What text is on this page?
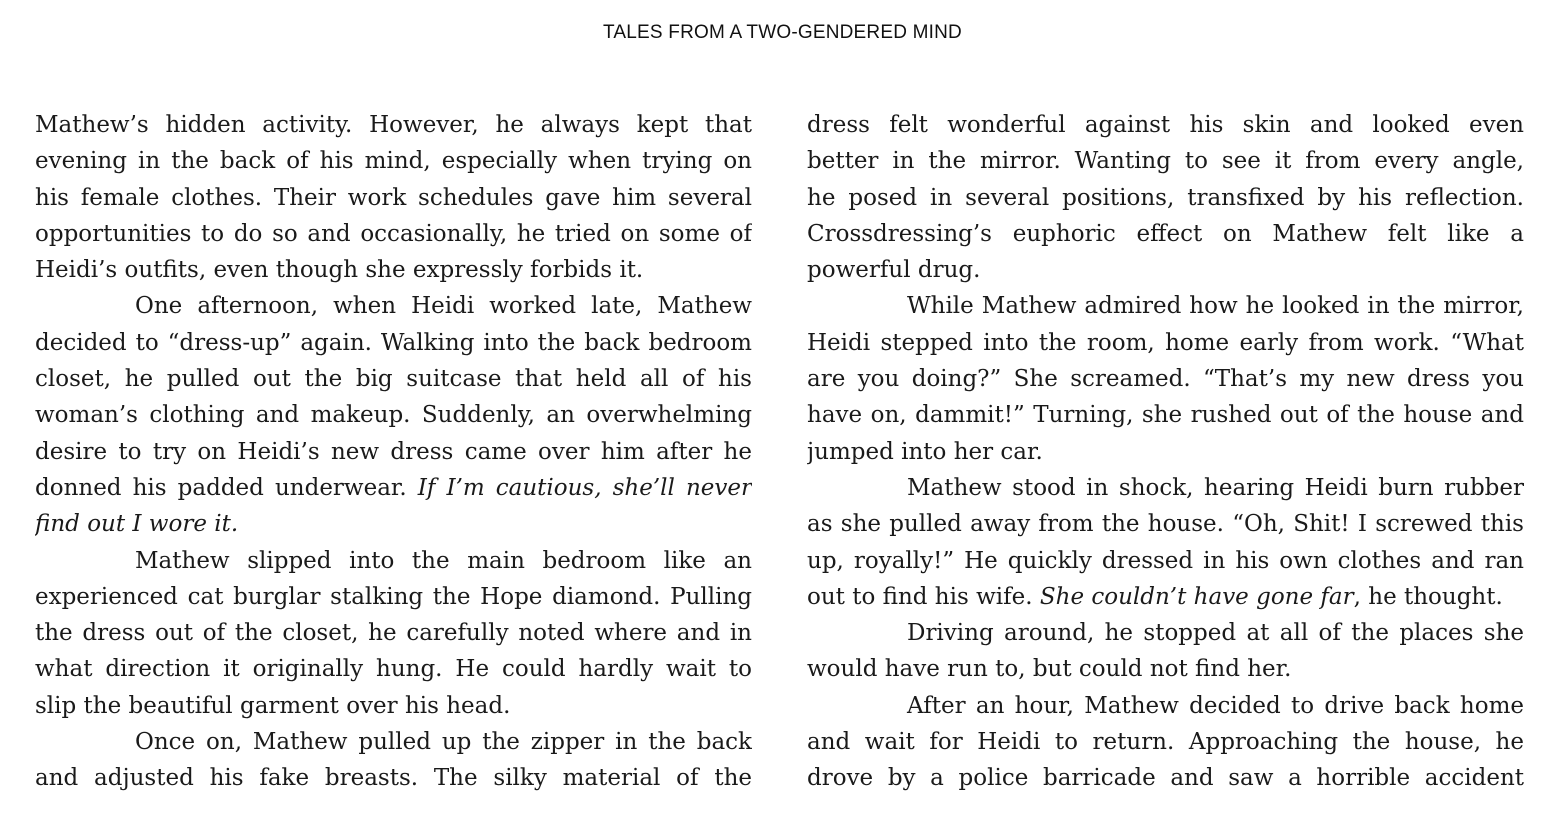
TALES FROM A TWO-GENDERED MIND
Mathew’s hidden activity. However, he always kept that
evening in the back of his mind, especially when trying on
his female clothes. Their work schedules gave him several
opportunities to do so and occasionally, he tried on some of
Heidi’s outfits, even though she expressly forbids it.
One afternoon, when Heidi worked late, Mathew
decided to “dress-up” again. Walking into the back bedroom
closet, he pulled out the big suitcase that held all of his
woman’s clothing and makeup. Suddenly, an overwhelming
desire to try on Heidi’s new dress came over him after he
donned his padded underwear. If I’m cautious, she’ll never
find out I wore it.
Mathew slipped into the main bedroom like an
experienced cat burglar stalking the Hope diamond. Pulling
the dress out of the closet, he carefully noted where and in
what direction it originally hung. He could hardly wait to
slip the beautiful garment over his head.
Once on, Mathew pulled up the zipper in the back
and adjusted his fake breasts. The silky material of the
dress felt wonderful against his skin and looked even
better in the mirror. Wanting to see it from every angle,
he posed in several positions, transfixed by his reflection.
Crossdressing’s euphoric effect on Mathew felt like a
powerful drug.
While Mathew admired how he looked in the mirror,
Heidi stepped into the room, home early from work. “What
are you doing?” She screamed. “That’s my new dress you
have on, dammit!” Turning, she rushed out of the house and
jumped into her car.
Mathew stood in shock, hearing Heidi burn rubber
as she pulled away from the house. “Oh, Shit! I screwed this
up, royally!” He quickly dressed in his own clothes and ran
out to find his wife. She couldn’t have gone far, he thought.
Driving around, he stopped at all of the places she
would have run to, but could not find her.
After an hour, Mathew decided to drive back home
and wait for Heidi to return. Approaching the house, he
drove by a police barricade and saw a horrible accident
